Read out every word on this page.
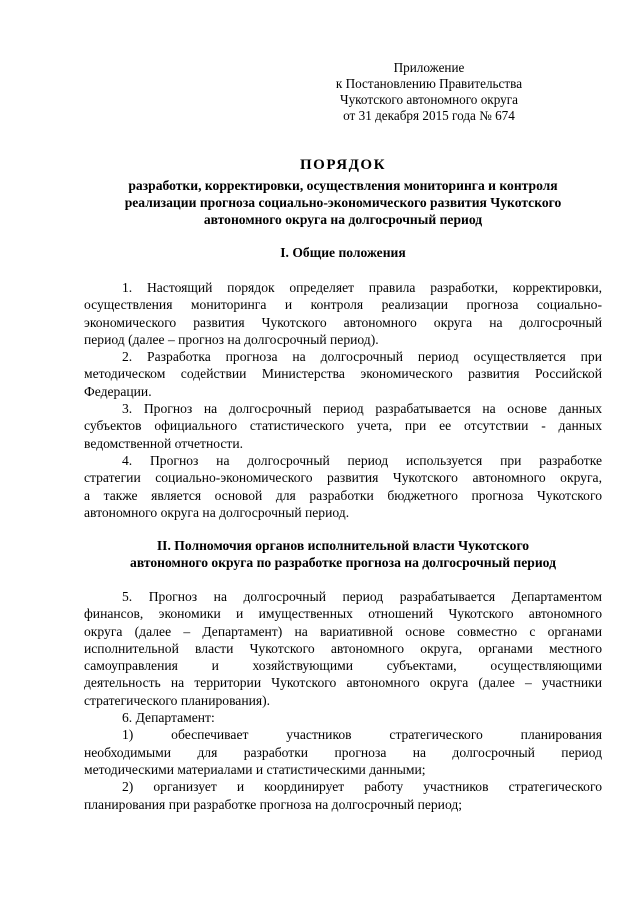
Приложение
к Постановлению Правительства
Чукотского автономного округа
от 31 декабря 2015 года № 674
ПОРЯДОК
разработки, корректировки, осуществления мониторинга и контроля
реализации прогноза социально-экономического развития Чукотского
автономного округа на долгосрочный период
I. Общие положения
1. Настоящий порядок определяет правила разработки, корректировки,
осуществления мониторинга и контроля реализации прогноза социально-
экономического развития Чукотского автономного округа на долгосрочный
период (далее – прогноз на долгосрочный период).
2. Разработка прогноза на долгосрочный период осуществляется при
методическом содействии Министерства экономического развития Российской
Федерации.
3. Прогноз на долгосрочный период разрабатывается на основе данных
субъектов официального статистического учета, при ее отсутствии - данных
ведомственной отчетности.
4. Прогноз на долгосрочный период используется при разработке
стратегии социально-экономического развития Чукотского автономного округа,
а также является основой для разработки бюджетного прогноза Чукотского
автономного округа на долгосрочный период.
II. Полномочия органов исполнительной власти Чукотского
автономного округа по разработке прогноза на долгосрочный период
5. Прогноз на долгосрочный период разрабатывается Департаментом
финансов, экономики и имущественных отношений Чукотского автономного
округа (далее – Департамент) на вариативной основе совместно с органами
исполнительной власти Чукотского автономного округа, органами местного
самоуправления и хозяйствующими субъектами, осуществляющими
деятельность на территории Чукотского автономного округа (далее – участники
стратегического планирования).
6. Департамент:
1) обеспечивает участников стратегического планирования
необходимыми для разработки прогноза на долгосрочный период
методическими материалами и статистическими данными;
2) организует и координирует работу участников стратегического
планирования при разработке прогноза на долгосрочный период;
